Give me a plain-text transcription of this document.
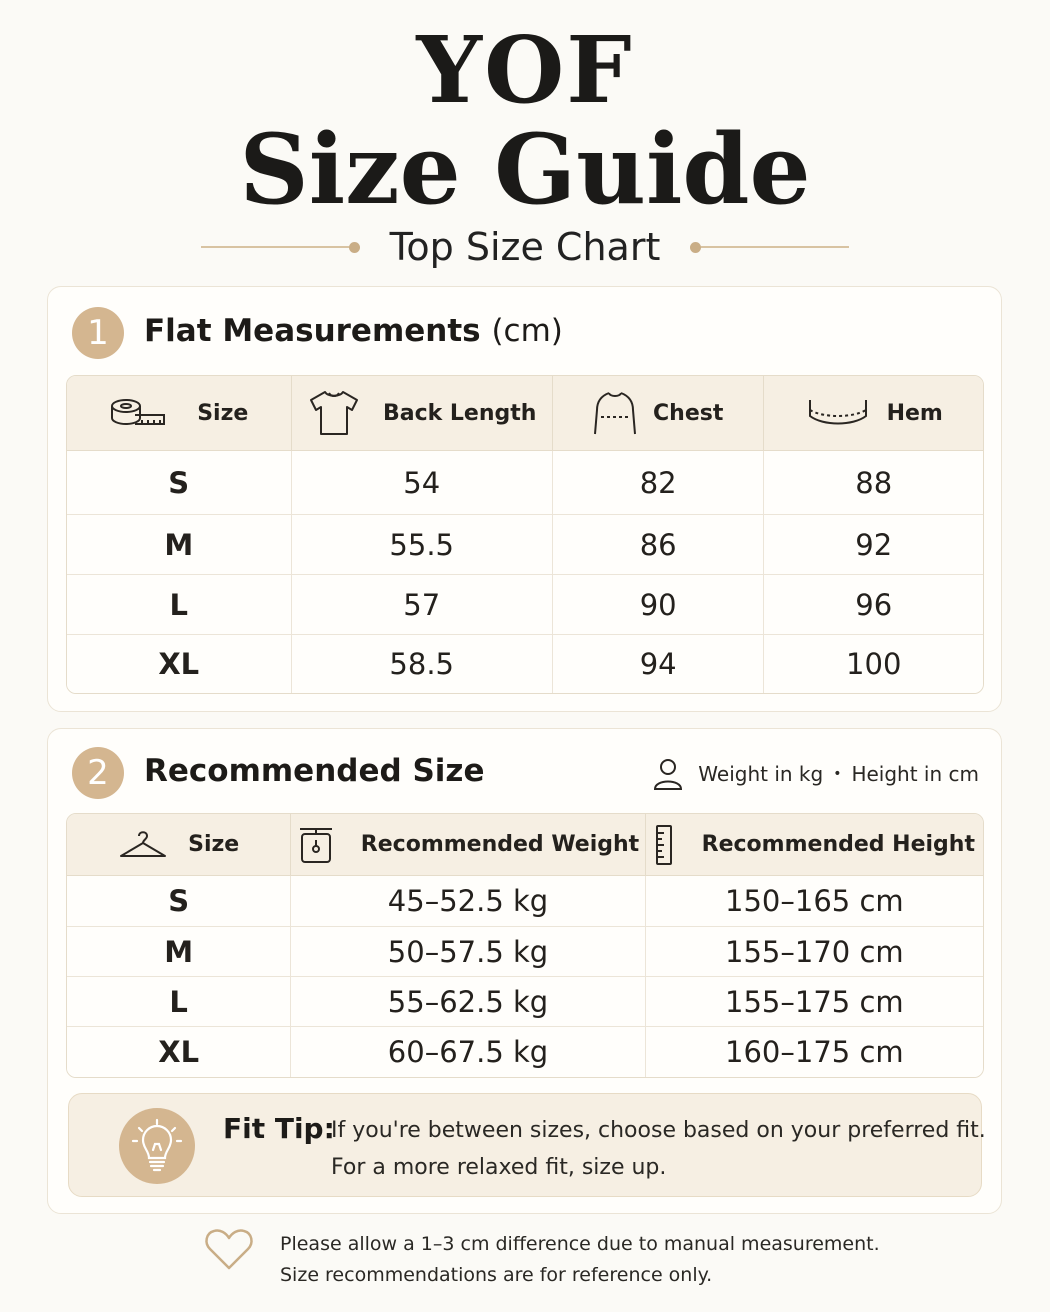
YOF
Size Guide
Top Size Chart
1	Flat Measurements (cm)
Size	Back Length	Chest	Hem

S	54	82	88
M	55.5	86	92
L	57	90	96
XL	58.5	94	100
2	Recommended Size	Weight in kg • Height in cm
Size	Recommended Weight	Recommended Height

S	45–52.5 kg	150–165 cm
M	50–57.5 kg	155–170 cm
L	55–62.5 kg	155–175 cm
XL	60–67.5 kg	160–175 cm
Fit Tip:
If you're between sizes, choose based on your preferred fit.
For a more relaxed fit, size up.
Please allow a 1–3 cm difference due to manual measurement.
Size recommendations are for reference only.
